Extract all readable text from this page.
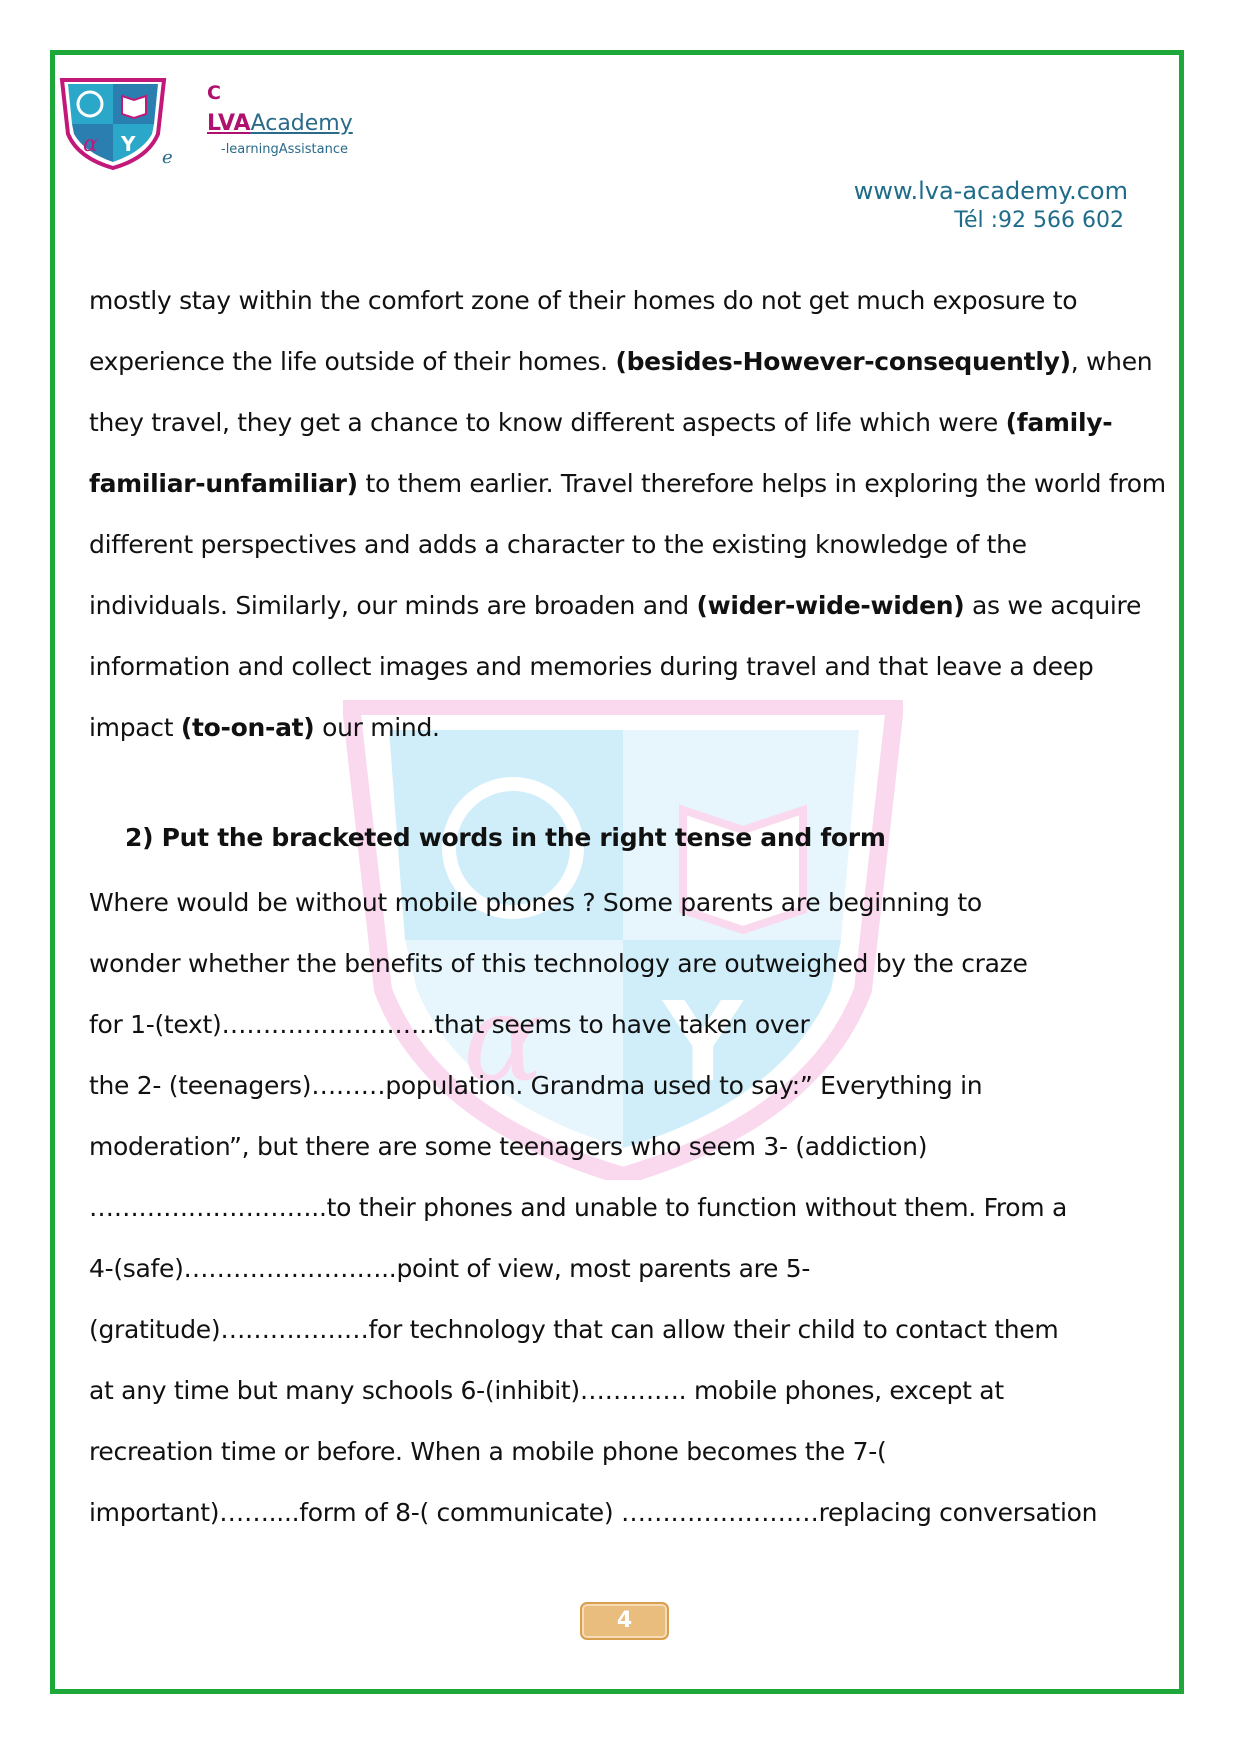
α Y
C
LVAAcademy
-learningAssistance
e
www.lva-academy.com
Tél :92 566 602
α Y

mostly stay within the comfort zone of their homes do not get much exposure to experience the life outside of their homes. (besides-However-consequently), when they travel, they get a chance to know different aspects of life which were (family-familiar-unfamiliar) to them earlier. Travel therefore helps in exploring the world from different perspectives and adds a character to the existing knowledge of the individuals. Similarly, our minds are broaden and (wider-wide-widen) as we acquire information and collect images and memories during travel and that leave a deep impact (to-on-at) our mind.

2) Put the bracketed words in the right tense and form

Where would be without mobile phones ? Some parents are beginning to
wonder whether the benefits of this technology are outweighed by the craze
for 1-(text)……………………..that seems to have taken over
the 2- (teenagers)………population. Grandma used to say:” Everything in
moderation”, but there are some teenagers who seem 3- (addiction)
………………………..to their phones and unable to function without them. From a
4-(safe)……………………..point of view, most parents are 5-
(gratitude)………………for technology that can allow their child to contact them
at any time but many schools 6-(inhibit)…………. mobile phones, except at
recreation time or before. When a mobile phone becomes the 7-(
important)……....form of 8-( communicate) ……………………replacing conversation
4
